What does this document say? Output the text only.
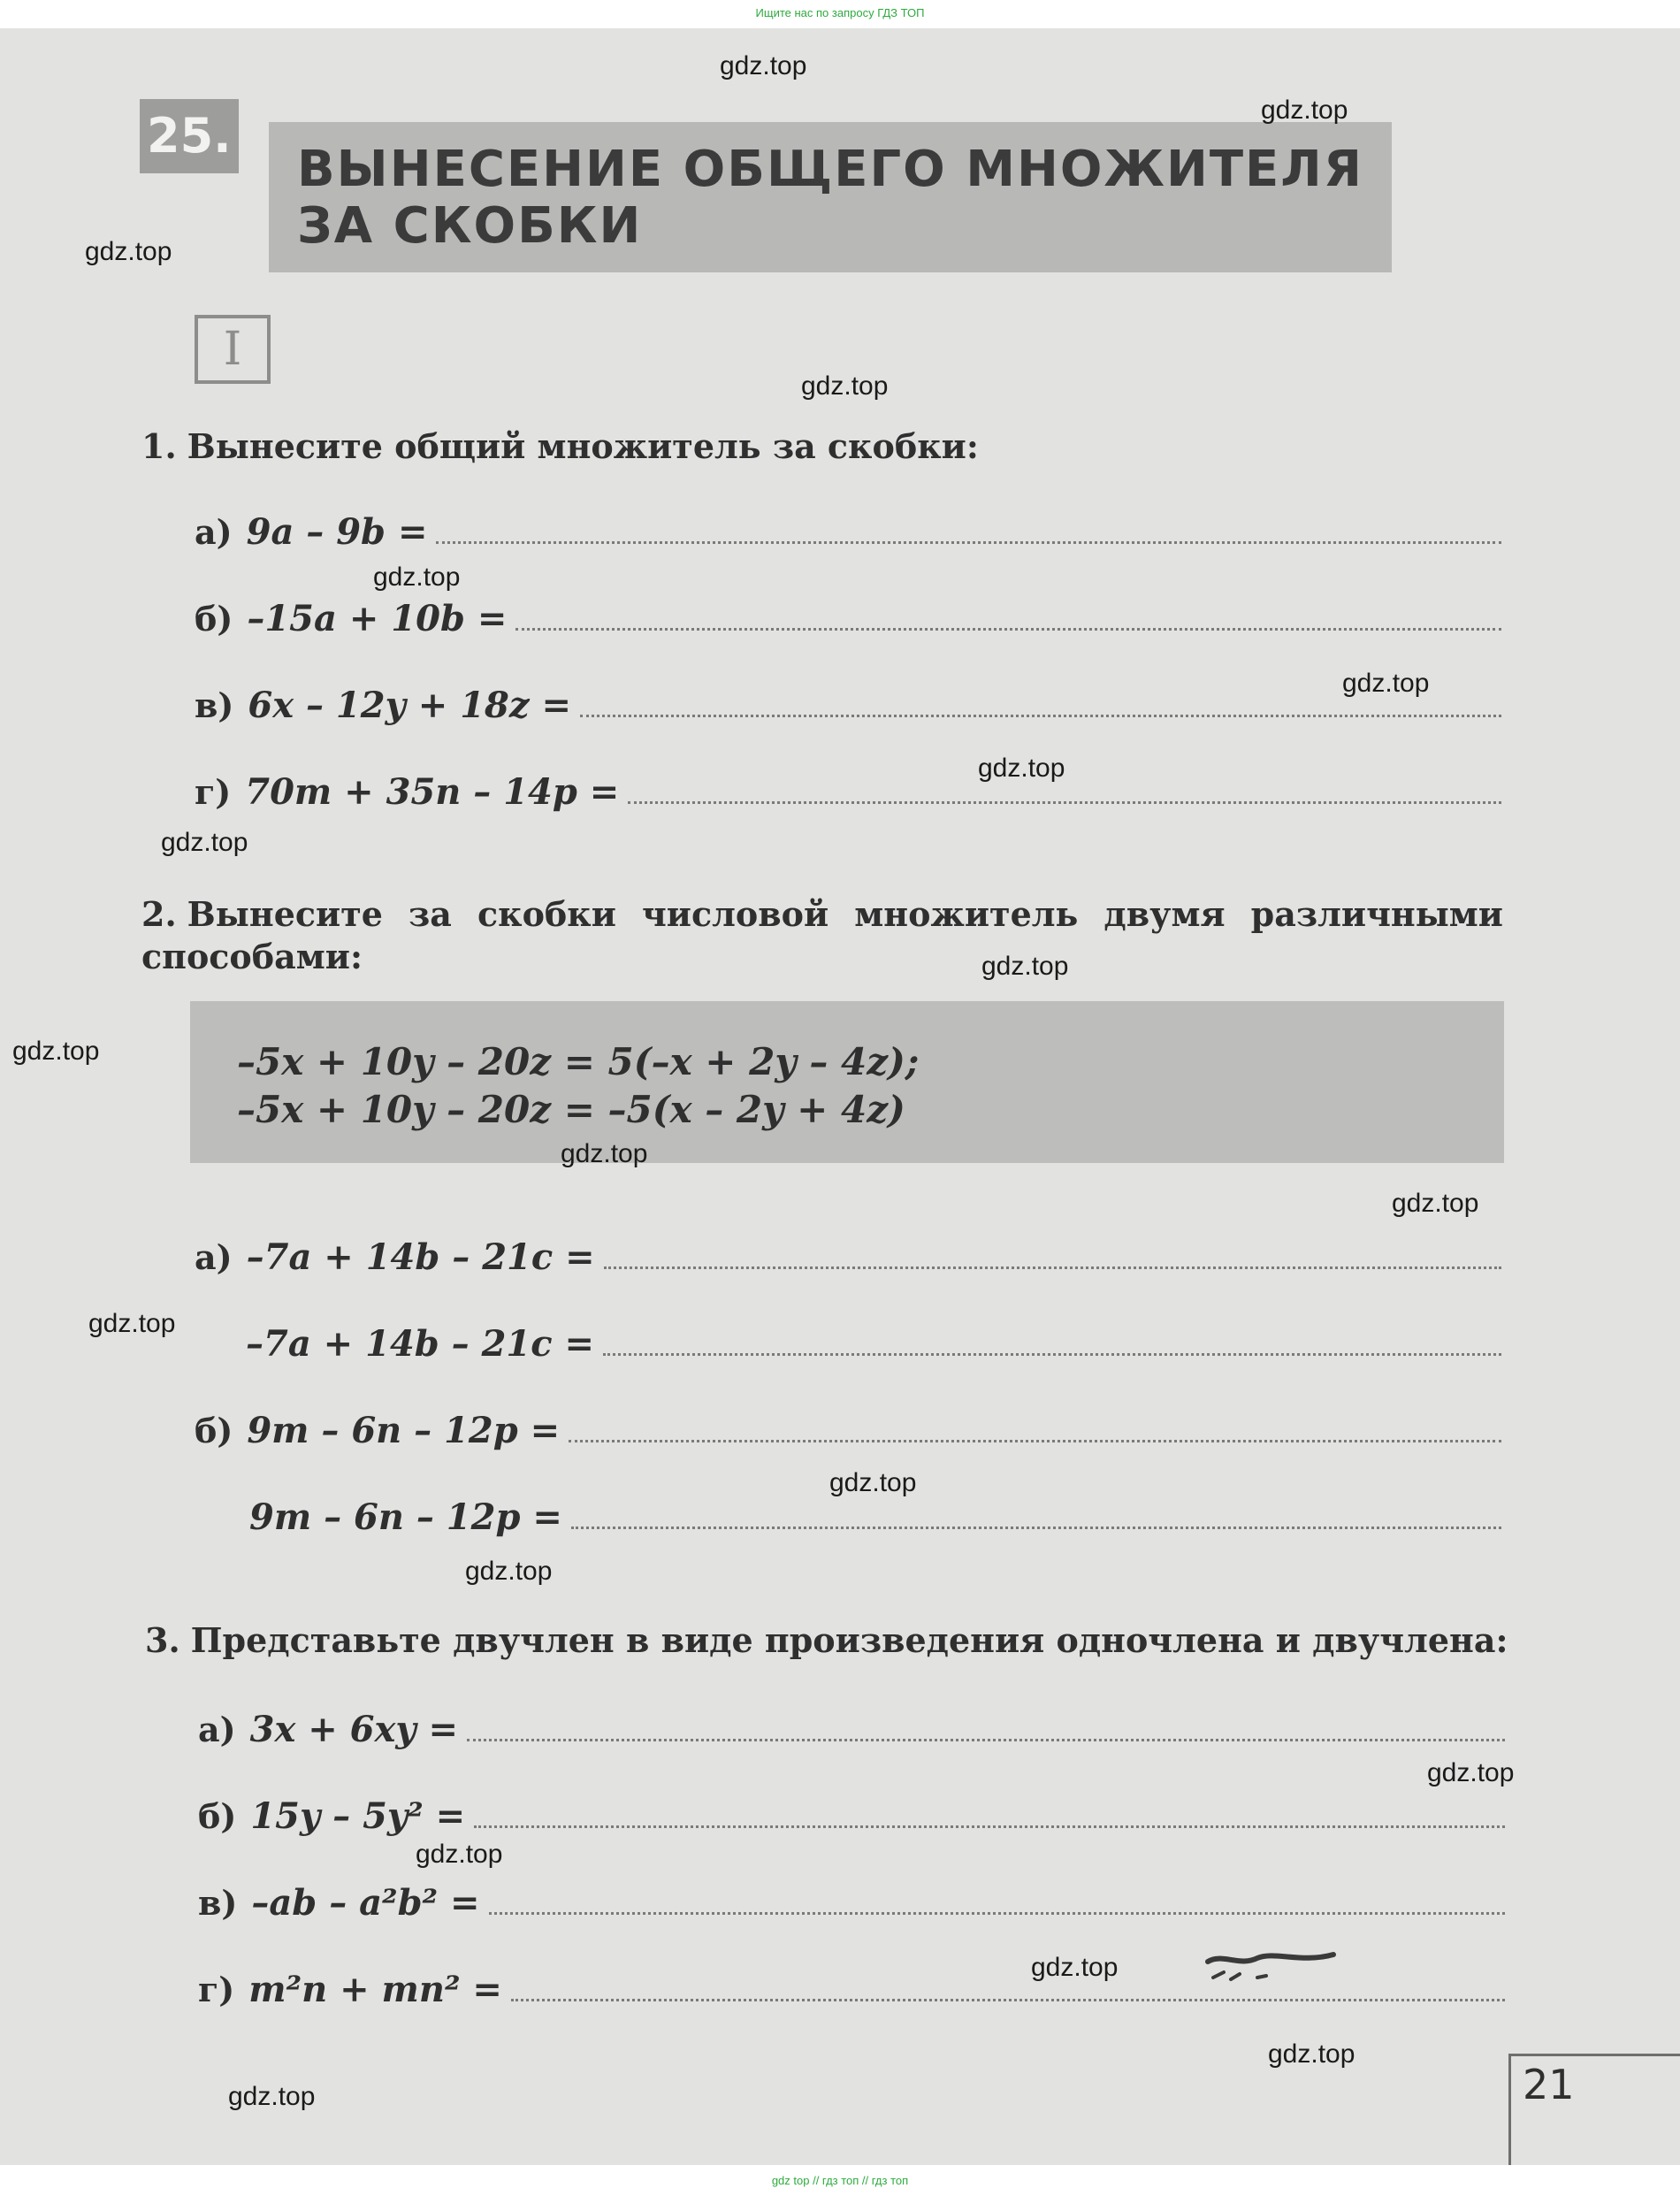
Ищите нас по запросу ГДЗ ТОП
25.
ВЫНЕСЕНИЕ ОБЩЕГО МНОЖИТЕЛЯ
ЗА СКОБКИ
I

1. Вынесите общий множитель за скобки:

а) 9a – 9b =
б) –15a + 10b =
в) 6x – 12y + 18z =
г) 70m + 35n – 14p =

2. Вынесите за скобки числовой множитель двумя различными способами:

–5x + 10y – 20z = 5(–x + 2y – 4z);
–5x + 10y – 20z = –5(x – 2y + 4z)
а) –7a + 14b – 21c =
–7a + 14b – 21c =
б) 9m – 6n – 12p =
9m – 6n – 12p =

3. Представьте двучлен в виде произведения одночлена и двучлена:

а) 3x + 6xy =
б) 15y – 5y² =
в) –ab – a²b² =
г) m²n + mn² =
21
gdz.top
gdz.top
gdz.top
gdz.top
gdz.top
gdz.top
gdz.top
gdz.top
gdz.top
gdz.top
gdz.top
gdz.top
gdz.top
gdz.top
gdz.top
gdz.top
gdz.top
gdz.top
gdz.top
gdz.top
gdz top // гдз топ // гдз топ
